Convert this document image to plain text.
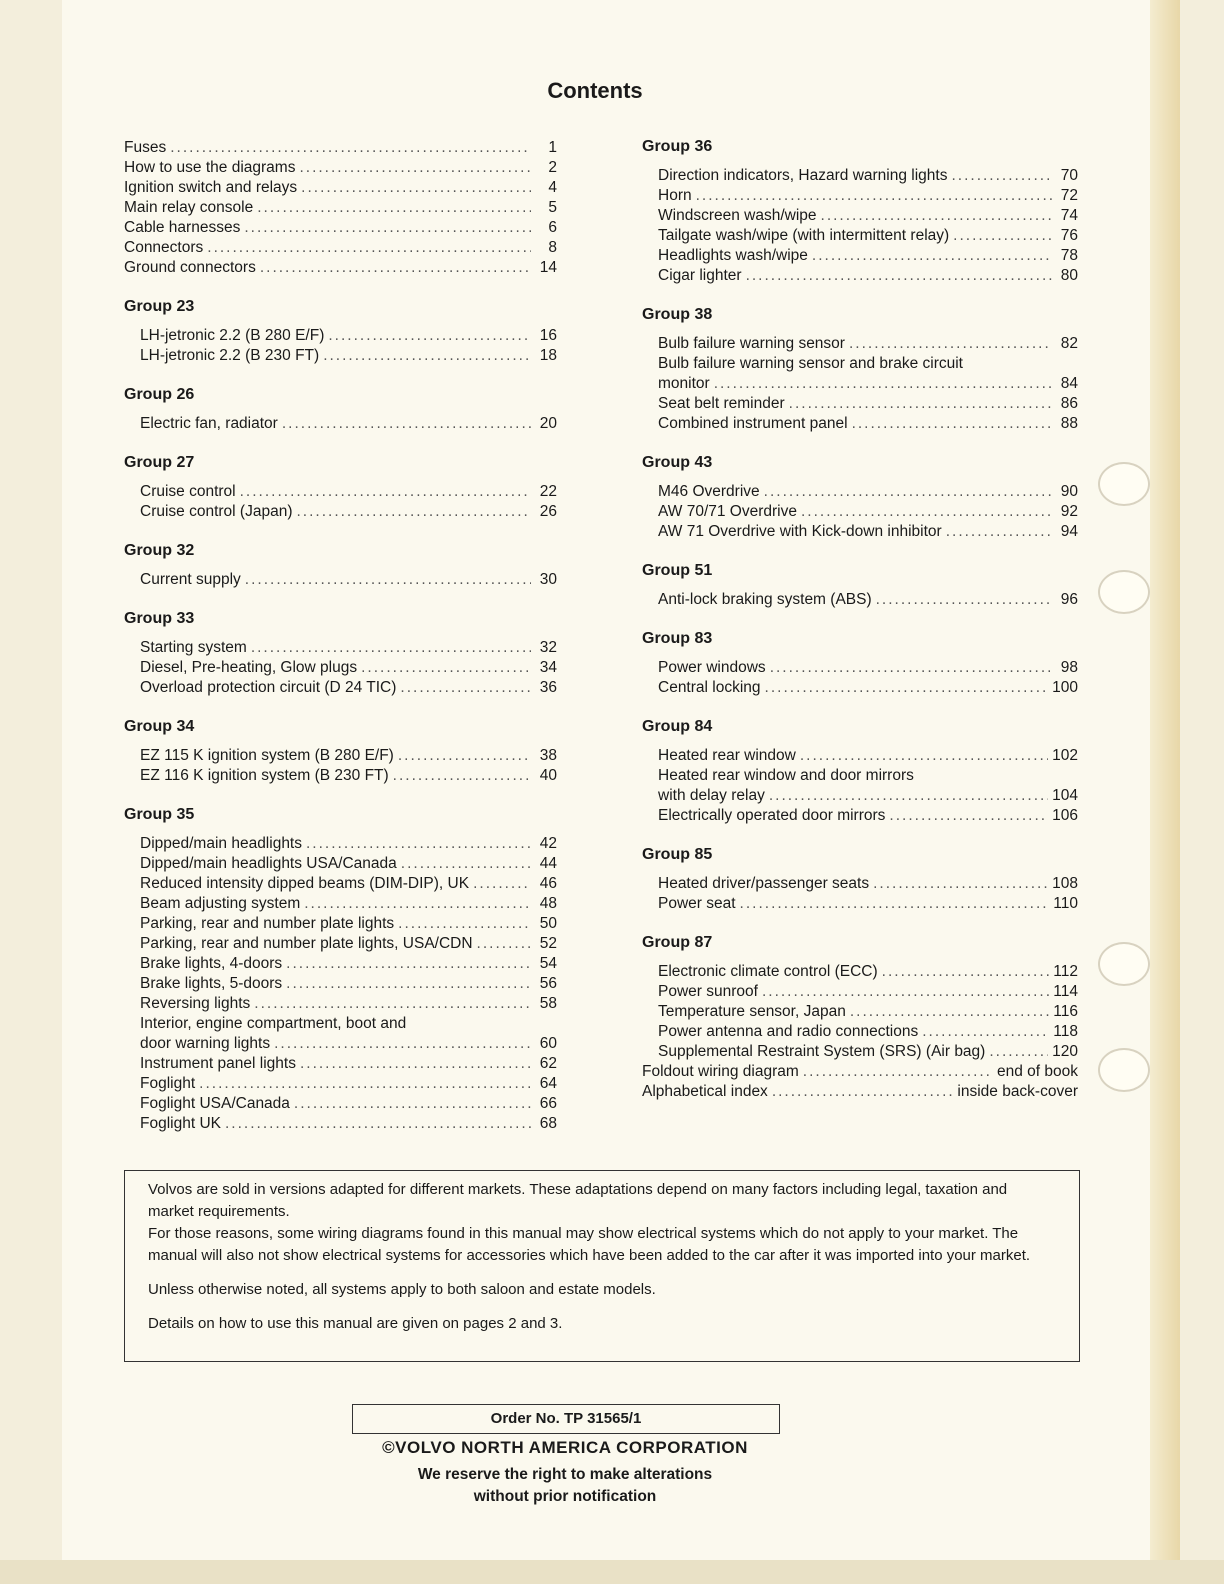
Contents
Fuses .....	1
How to use the diagrams .....	2
Ignition switch and relays .....	4
Main relay console .....	5
Cable harnesses .....	6
Connectors .....	8
Ground connectors .....	14
Group 23
LH-jetronic 2.2 (B 280 E/F) .....	16
LH-jetronic 2.2 (B 230 FT) .....	18
Group 26
Electric fan, radiator .....	20
Group 27
Cruise control .....	22
Cruise control (Japan) .....	26
Group 32
Current supply .....	30
Group 33
Starting system .....	32
Diesel, Pre-heating, Glow plugs .....	34
Overload protection circuit (D 24 TIC) .....	36
Group 34
EZ 115 K ignition system (B 280 E/F) .....	38
EZ 116 K ignition system (B 230 FT) .....	40
Group 35
Dipped/main headlights .....	42
Dipped/main headlights USA/Canada .....	44
Reduced intensity dipped beams (DIM-DIP), UK .....	46
Beam adjusting system .....	48
Parking, rear and number plate lights .....	50
Parking, rear and number plate lights, USA/CDN .....	52
Brake lights, 4-doors .....	54
Brake lights, 5-doors .....	56
Reversing lights .....	58
Interior, engine compartment, boot and
door warning lights .....	60
Instrument panel lights .....	62
Foglight .....	64
Foglight USA/Canada .....	66
Foglight UK .....	68
Group 36
Direction indicators, Hazard warning lights .....	70
Horn .....	72
Windscreen wash/wipe .....	74
Tailgate wash/wipe (with intermittent relay) .....	76
Headlights wash/wipe .....	78
Cigar lighter .....	80
Group 38
Bulb failure warning sensor .....	82
Bulb failure warning sensor and brake circuit
monitor .....	84
Seat belt reminder .....	86
Combined instrument panel .....	88
Group 43
M46 Overdrive .....	90
AW 70/71 Overdrive .....	92
AW 71 Overdrive with Kick-down inhibitor .....	94
Group 51
Anti-lock braking system (ABS) .....	96
Group 83
Power windows .....	98
Central locking .....	100
Group 84
Heated rear window .....	102
Heated rear window and door mirrors
with delay relay .....	104
Electrically operated door mirrors .....	106
Group 85
Heated driver/passenger seats .....	108
Power seat .....	110
Group 87
Electronic climate control (ECC) .....	112
Power sunroof .....	114
Temperature sensor, Japan .....	116
Power antenna and radio connections .....	118
Supplemental Restraint System (SRS) (Air bag) .....	120
Foldout wiring diagram .....	end of book
Alphabetical index .....	inside back-cover

Volvos are sold in versions adapted for different markets. These adaptations depend on many factors including legal, taxation and market requirements.

For those reasons, some wiring diagrams found in this manual may show electrical systems which do not apply to your market. The manual will also not show electrical systems for accessories which have been added to the car after it was imported into your market.

Unless otherwise noted, all systems apply to both saloon and estate models.

Details on how to use this manual are given on pages 2 and 3.

Order No. TP 31565/1
©VOLVO NORTH AMERICA CORPORATION
We reserve the right to make alterations
without prior notification
